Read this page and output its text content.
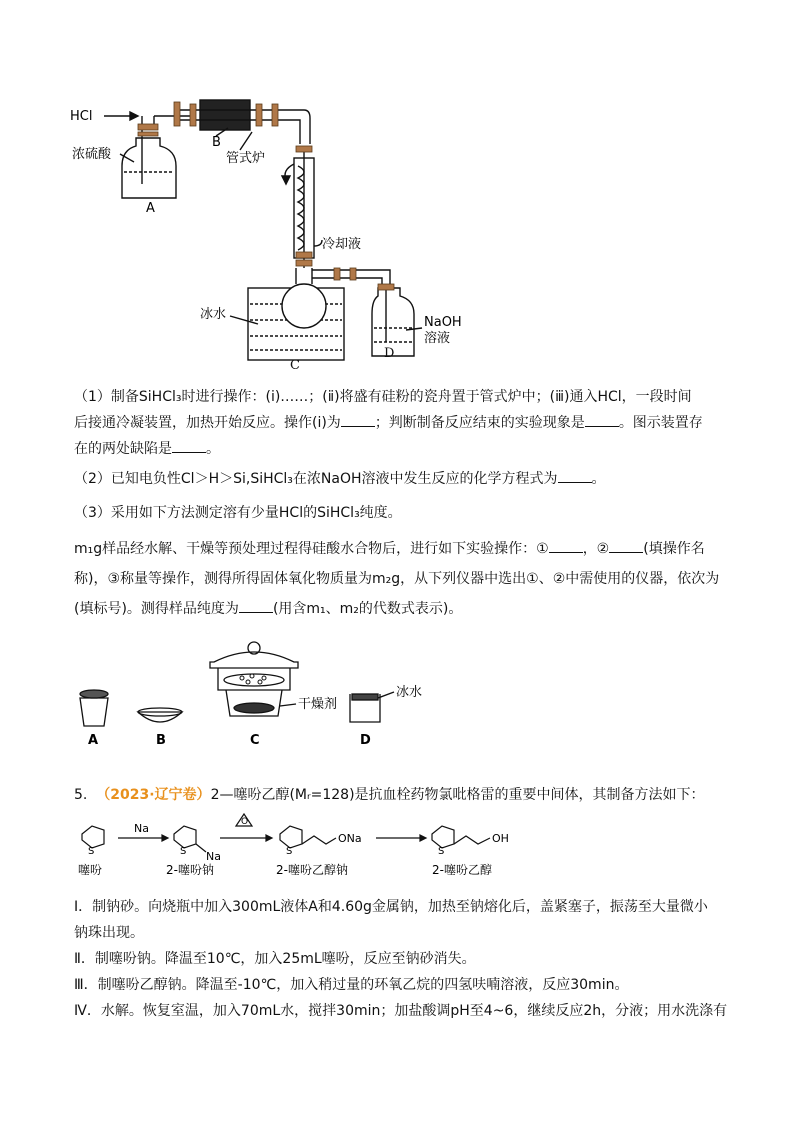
HCl
浓硫酸
A
B
管式炉
冷却液
冰水
NaOH
溶液
C
D
（1）制备SiHCl₃时进行操作：(ⅰ)……；(ⅱ)将盛有硅粉的瓷舟置于管式炉中；(ⅲ)通入HCl，一段时间
后接通冷凝装置，加热开始反应。操作(ⅰ)为 ；判断制备反应结束的实验现象是 。图示装置存
在的两处缺陷是 。
（2）已知电负性Cl＞H＞Si,SiHCl₃在浓NaOH溶液中发生反应的化学方程式为 。
（3）采用如下方法测定溶有少量HCl的SiHCl₃纯度。
m₁g样品经水解、干燥等预处理过程得硅酸水合物后，进行如下实验操作：① ，② (填操作名
称)，③称量等操作，测得所得固体氧化物质量为m₂g，从下列仪器中选出①、②中需使用的仪器，依次为
(填标号)。测得样品纯度为 (用含m₁、m₂的代数式表示)。
干燥剂
冰水
A	B	C	D
5. （2023·辽宁卷）2—噻吩乙醇(Mᵣ=128)是抗血栓药物氯吡格雷的重要中间体，其制备方法如下：
S
Na
S Na
O
S
ONa
S
OH
噻吩	2-噻吩钠	2-噻吩乙醇钠	2-噻吩乙醇
Ⅰ．制钠砂。向烧瓶中加入300mL液体A和4.60g金属钠，加热至钠熔化后，盖紧塞子，振荡至大量微小
钠珠出现。
Ⅱ．制噻吩钠。降温至10℃，加入25mL噻吩，反应至钠砂消失。
Ⅲ．制噻吩乙醇钠。降温至-10℃，加入稍过量的环氧乙烷的四氢呋喃溶液，反应30min。
Ⅳ．水解。恢复室温，加入70mL水，搅拌30min；加盐酸调pH至4~6，继续反应2h，分液；用水洗涤有
